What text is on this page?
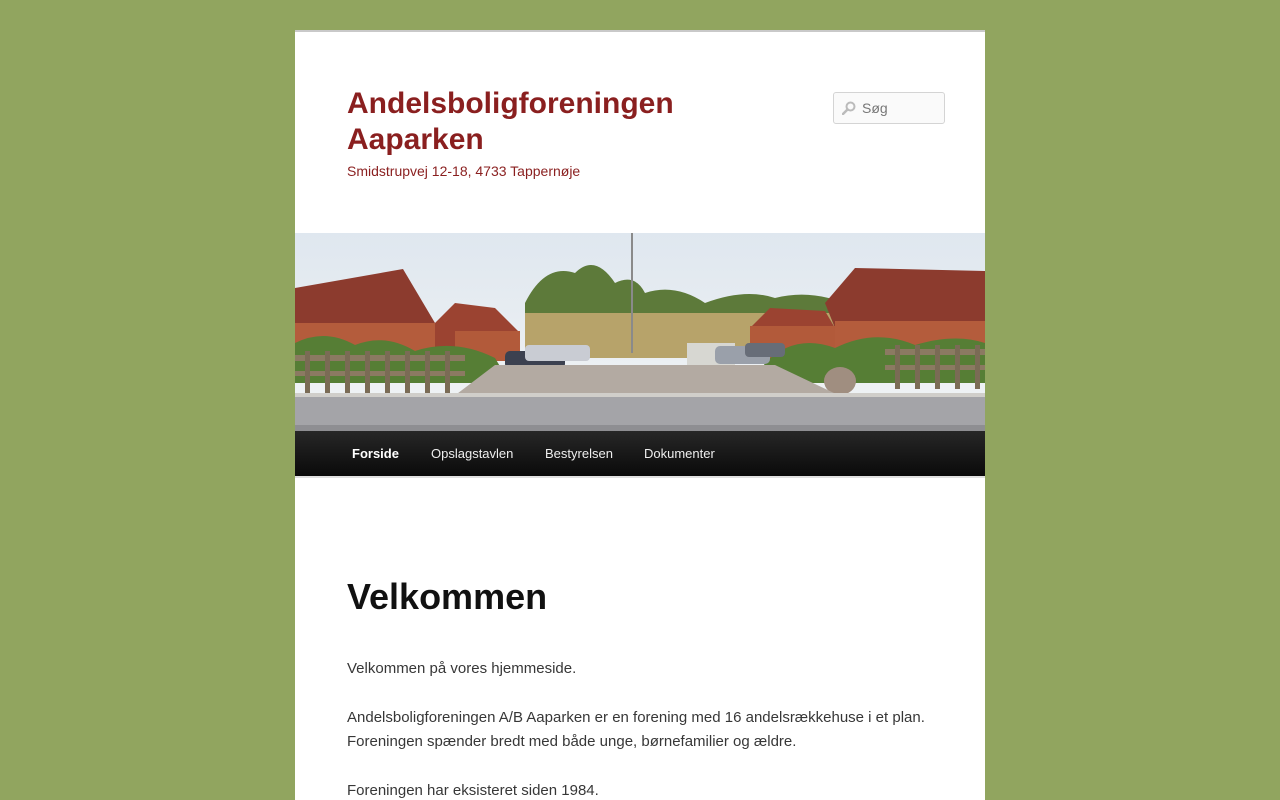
Andelsboligforeningen Aaparken

Smidstrupvej 12-18, 4733 Tappernøje

Søg
Forside Opslagstavlen Bestyrelsen Dokumenter
Velkommen

Velkommen på vores hjemmeside.

Andelsboligforeningen A/B Aaparken er en forening med 16 andelsrækkehuse i et plan.

Foreningen spænder bredt med både unge, børnefamilier og ældre.

Foreningen har eksisteret siden 1984.
